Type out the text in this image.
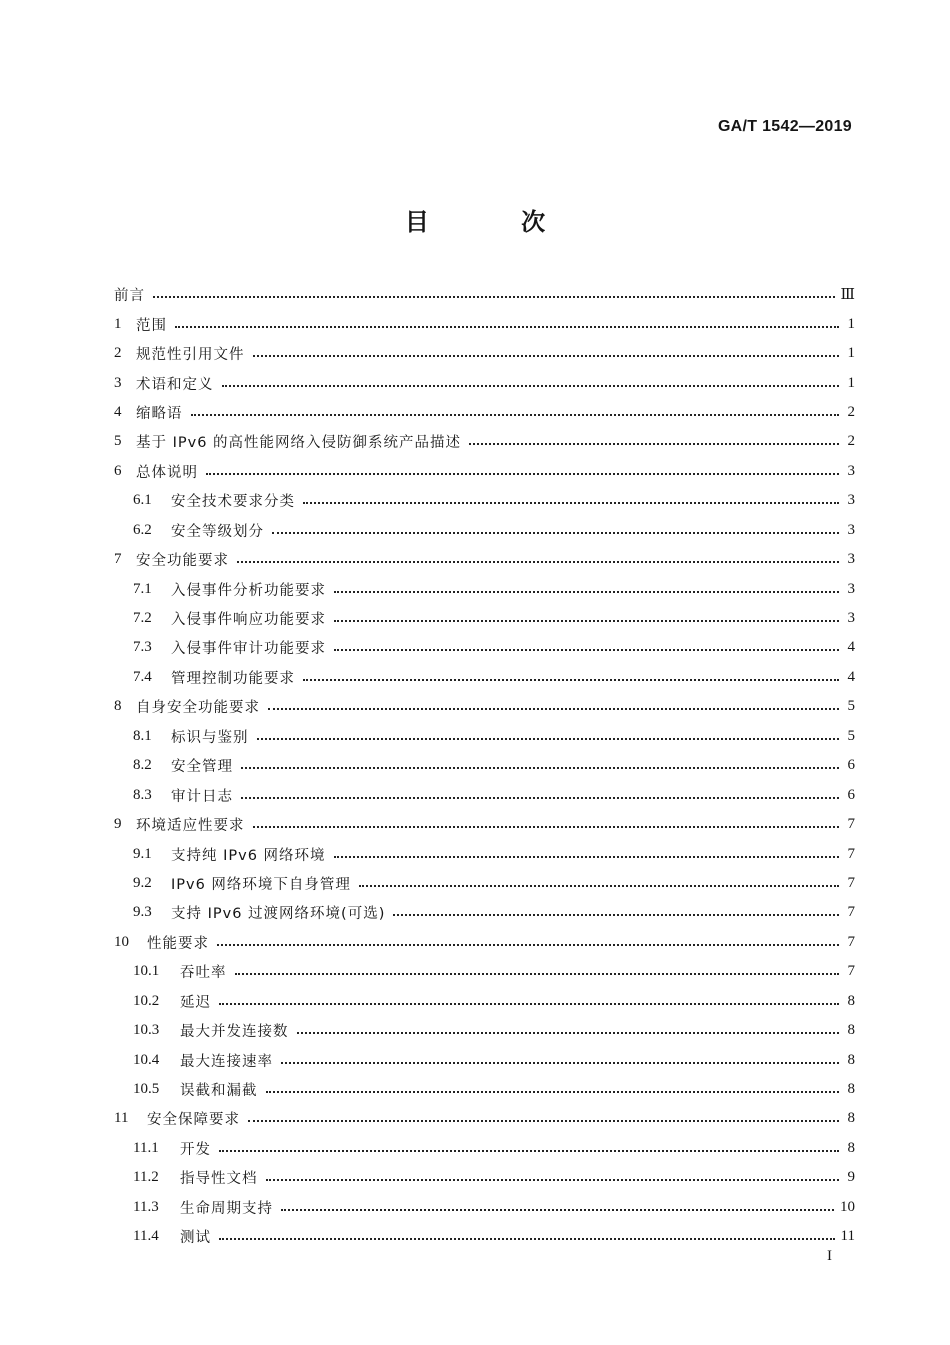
GA/T 1542—2019
目 次
前言	Ⅲ
1	范围	1
2	规范性引用文件	1
3	术语和定义	1
4	缩略语	2
5	基于 IPv6 的高性能网络入侵防御系统产品描述	2
6	总体说明	3
6.1	安全技术要求分类	3
6.2	安全等级划分	3
7	安全功能要求	3
7.1	入侵事件分析功能要求	3
7.2	入侵事件响应功能要求	3
7.3	入侵事件审计功能要求	4
7.4	管理控制功能要求	4
8	自身安全功能要求	5
8.1	标识与鉴别	5
8.2	安全管理	6
8.3	审计日志	6
9	环境适应性要求	7
9.1	支持纯 IPv6 网络环境	7
9.2	IPv6 网络环境下自身管理	7
9.3	支持 IPv6 过渡网络环境(可选)	7
10	性能要求	7
10.1	吞吐率	7
10.2	延迟	8
10.3	最大并发连接数	8
10.4	最大连接速率	8
10.5	误截和漏截	8
11	安全保障要求	8
11.1	开发	8
11.2	指导性文档	9
11.3	生命周期支持	10
11.4	测试	11
I
